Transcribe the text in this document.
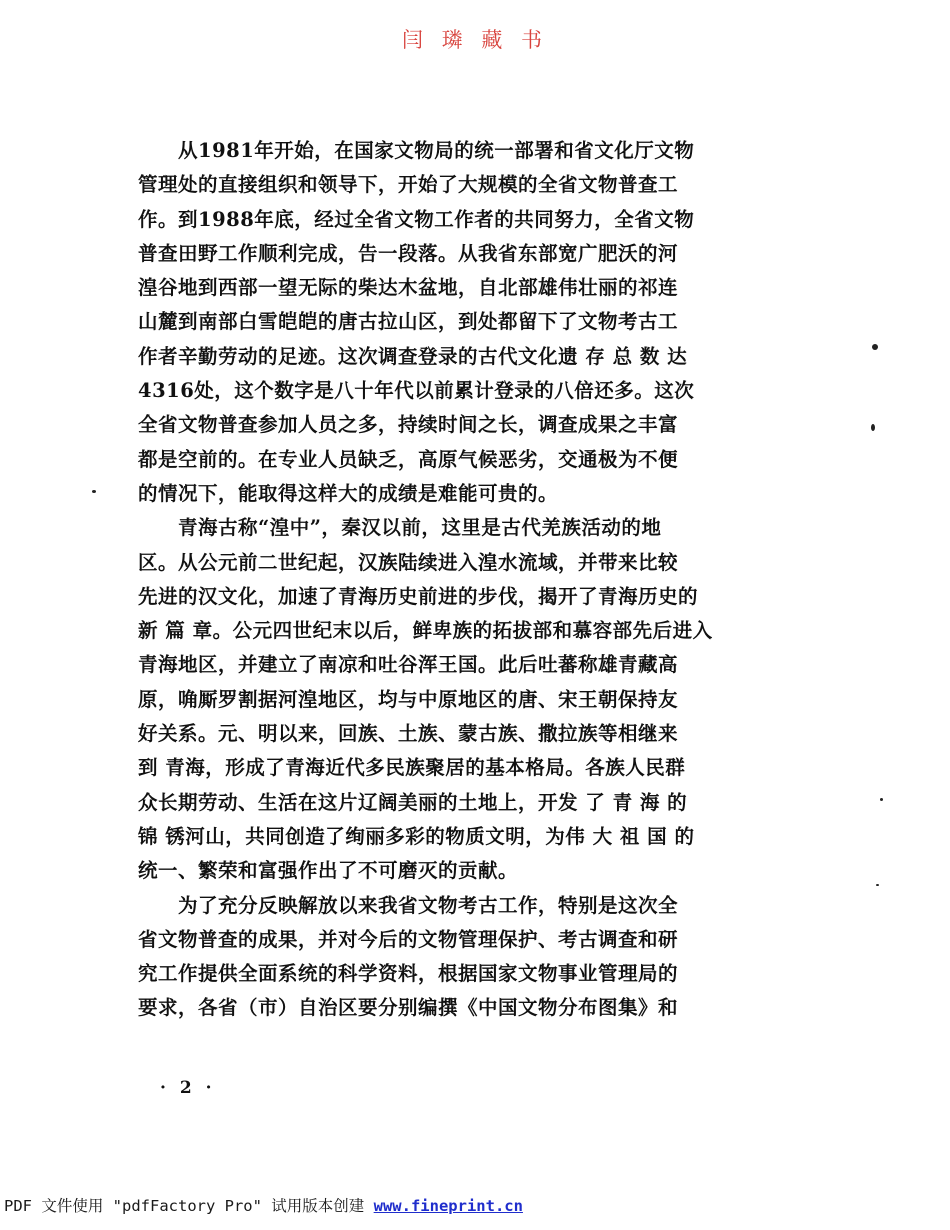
闫 璘 藏 书
从1981年开始，在国家文物局的统一部署和省文化厅文物
管理处的直接组织和领导下，开始了大规模的全省文物普查工
作。到1988年底，经过全省文物工作者的共同努力，全省文物
普查田野工作顺利完成，告一段落。从我省东部宽广肥沃的河
湟谷地到西部一望无际的柴达木盆地，自北部雄伟壮丽的祁连
山麓到南部白雪皑皑的唐古拉山区，到处都留下了文物考古工
作者辛勤劳动的足迹。这次调查登录的古代文化遗 存 总 数 达
4316处，这个数字是八十年代以前累计登录的八倍还多。这次
全省文物普查参加人员之多，持续时间之长，调查成果之丰富
都是空前的。在专业人员缺乏，高原气候恶劣，交通极为不便
的情况下，能取得这样大的成绩是难能可贵的。
青海古称“湟中”，秦汉以前，这里是古代羌族活动的地
区。从公元前二世纪起，汉族陆续进入湟水流域，并带来比较
先进的汉文化，加速了青海历史前进的步伐，揭开了青海历史的
新 篇 章。公元四世纪末以后，鲜卑族的拓拔部和慕容部先后进入
青海地区，并建立了南凉和吐谷浑王国。此后吐蕃称雄青藏高
原，唃厮罗割据河湟地区，均与中原地区的唐、宋王朝保持友
好关系。元、明以来，回族、土族、蒙古族、撒拉族等相继来
到 青海，形成了青海近代多民族聚居的基本格局。各族人民群
众长期劳动、生活在这片辽阔美丽的土地上，开发 了 青 海 的
锦 锈河山，共同创造了绚丽多彩的物质文明，为伟 大 祖 国 的
统一、繁荣和富强作出了不可磨灭的贡献。
为了充分反映解放以来我省文物考古工作，特别是这次全
省文物普查的成果，并对今后的文物管理保护、考古调查和研
究工作提供全面系统的科学资料，根据国家文物事业管理局的
要求，各省（市）自治区要分别编撰《中国文物分布图集》和
· 2 ·
PDF 文件使用 "pdfFactory Pro" 试用版本创建 www.fineprint.cn
